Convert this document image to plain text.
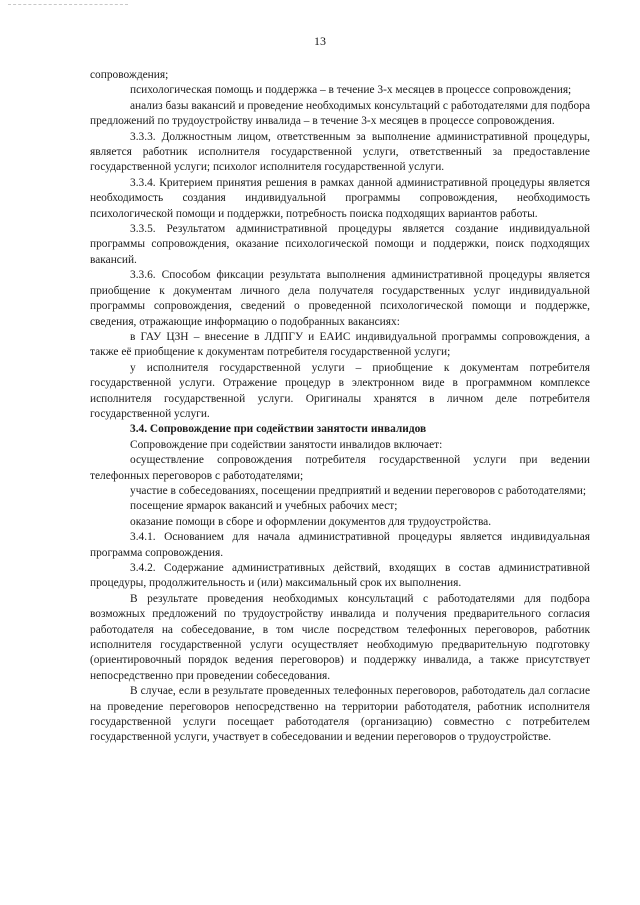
13

сопровождения;

психологическая помощь и поддержка – в течение 3-х месяцев в процессе сопровождения;

анализ базы вакансий и проведение необходимых консультаций с работодателями для подбора предложений по трудоустройству инвалида – в течение 3-х месяцев в процессе сопровождения.

3.3.3. Должностным лицом, ответственным за выполнение административной процедуры, является работник исполнителя государственной услуги, ответственный за предоставление государственной услуги; психолог исполнителя государственной услуги.

3.3.4. Критерием принятия решения в рамках данной административной процедуры является необходимость создания индивидуальной программы сопровождения, необходимость психологической помощи и поддержки, потребность поиска подходящих вариантов работы.

3.3.5. Результатом административной процедуры является создание индивидуальной программы сопровождения, оказание психологической помощи и поддержки, поиск подходящих вакансий.

3.3.6. Способом фиксации результата выполнения административной процедуры является приобщение к документам личного дела получателя государственных услуг индивидуальной программы сопровождения, сведений о проведенной психологической помощи и поддержке, сведения, отражающие информацию о подобранных вакансиях:

в ГАУ ЦЗН – внесение в ЛДПГУ и ЕАИС индивидуальной программы сопровождения, а также её приобщение к документам потребителя государственной услуги;

у исполнителя государственной услуги – приобщение к документам потребителя государственной услуги. Отражение процедур в электронном виде в программном комплексе исполнителя государственной услуги. Оригиналы хранятся в личном деле потребителя государственной услуги.

3.4. Сопровождение при содействии занятости инвалидов

Сопровождение при содействии занятости инвалидов включает:

осуществление сопровождения потребителя государственной услуги при ведении телефонных переговоров с работодателями;

участие в собеседованиях, посещении предприятий и ведении переговоров с работодателями;

посещение ярмарок вакансий и учебных рабочих мест;

оказание помощи в сборе и оформлении документов для трудоустройства.

3.4.1. Основанием для начала административной процедуры является индивидуальная программа сопровождения.

3.4.2. Содержание административных действий, входящих в состав административной процедуры, продолжительность и (или) максимальный срок их выполнения.

В результате проведения необходимых консультаций с работодателями для подбора возможных предложений по трудоустройству инвалида и получения предварительного согласия работодателя на собеседование, в том числе посредством телефонных переговоров, работник исполнителя государственной услуги осуществляет необходимую предварительную подготовку (ориентировочный порядок ведения переговоров) и поддержку инвалида, а также присутствует непосредственно при проведении собеседования.

В случае, если в результате проведенных телефонных переговоров, работодатель дал согласие на проведение переговоров непосредственно на территории работодателя, работник исполнителя государственной услуги посещает работодателя (организацию) совместно с потребителем государственной услуги, участвует в собеседовании и ведении переговоров о трудоустройстве.
